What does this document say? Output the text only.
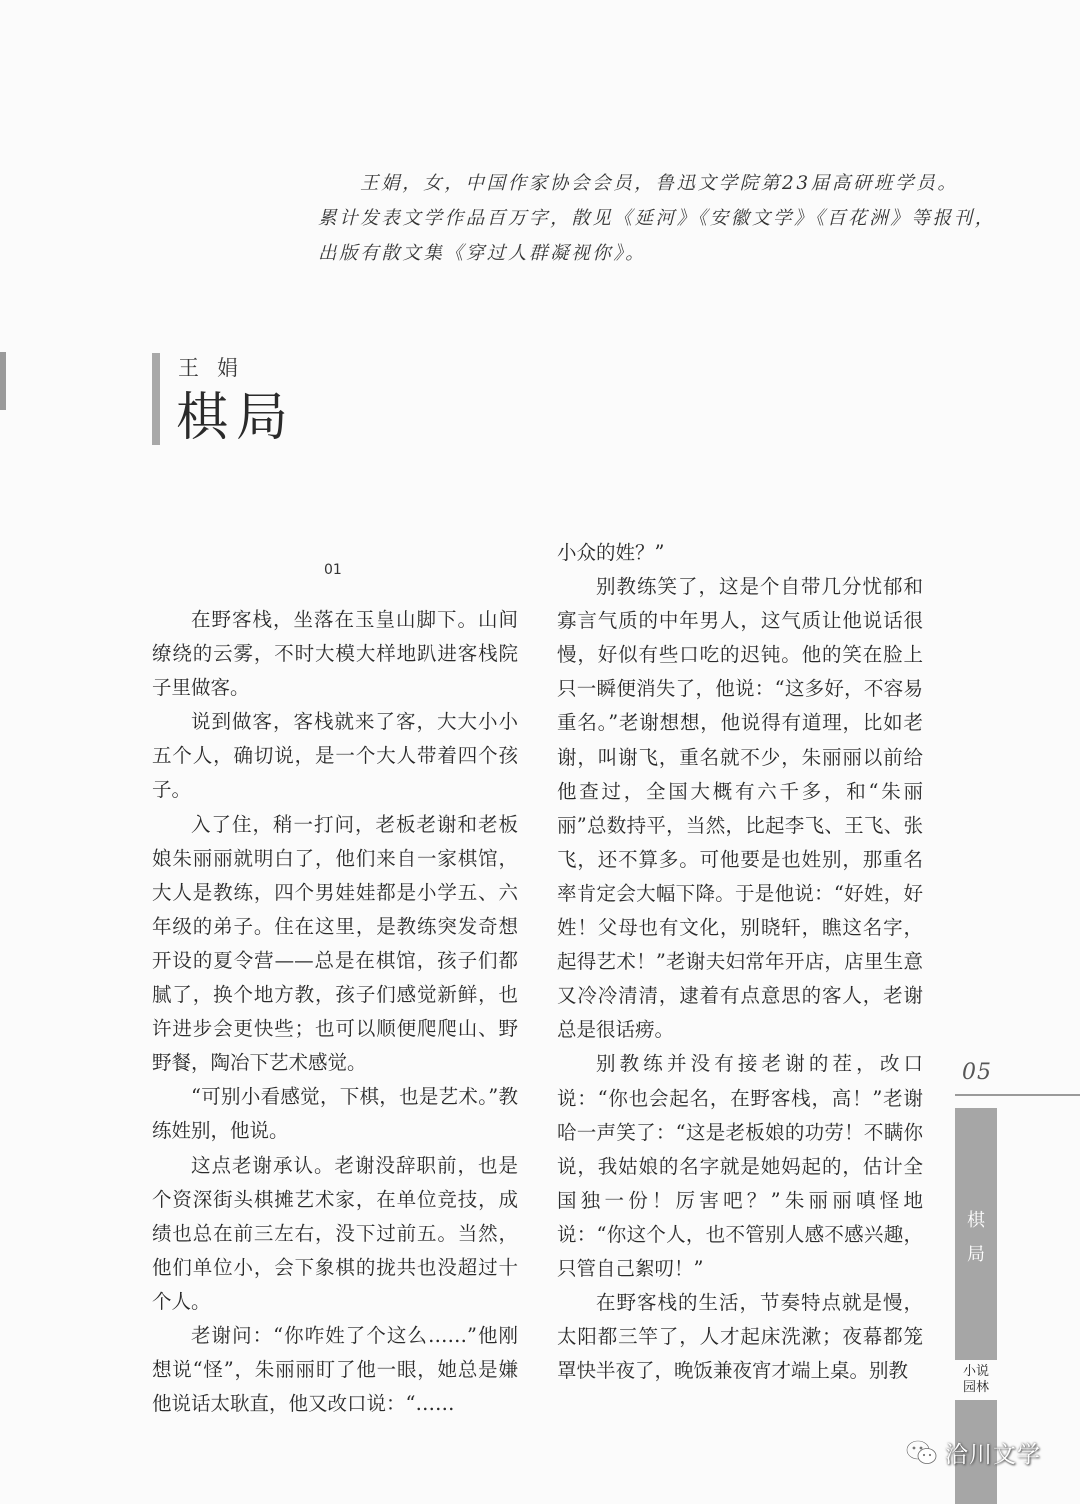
王娟，女，中国作家协会会员，鲁迅文学院第23届高研班学员。

累计发表文学作品百万字，散见《延河》《安徽文学》《百花洲》等报刊，

出版有散文集《穿过人群凝视你》。

王娟
棋局
01

在野客栈，坐落在玉皇山脚下。山间缭绕的云雾，不时大模大样地趴进客栈院子里做客。

说到做客，客栈就来了客，大大小小五个人，确切说，是一个大人带着四个孩子。

入了住，稍一打问，老板老谢和老板娘朱丽丽就明白了，他们来自一家棋馆，大人是教练，四个男娃娃都是小学五、六年级的弟子。住在这里，是教练突发奇想开设的夏令营——总是在棋馆，孩子们都腻了，换个地方教，孩子们感觉新鲜，也许进步会更快些；也可以顺便爬爬山、野野餐，陶冶下艺术感觉。

“可别小看感觉，下棋，也是艺术。”教练姓别，他说。

这点老谢承认。老谢没辞职前，也是个资深街头棋摊艺术家，在单位竞技，成绩也总在前三左右，没下过前五。当然，他们单位小，会下象棋的拢共也没超过十个人。

老谢问：“你咋姓了个这么……”他刚想说“怪”，朱丽丽盯了他一眼，她总是嫌他说话太耿直，他又改口说：“……

小众的姓？”

别教练笑了，这是个自带几分忧郁和寡言气质的中年男人，这气质让他说话很慢，好似有些口吃的迟钝。他的笑在脸上只一瞬便消失了，他说：“这多好，不容易重名。”老谢想想，他说得有道理，比如老谢，叫谢飞，重名就不少，朱丽丽以前给他查过，全国大概有六千多，和“朱丽丽”总数持平，当然，比起李飞、王飞、张飞，还不算多。可他要是也姓别，那重名率肯定会大幅下降。于是他说：“好姓，好姓！父母也有文化，别晓轩，瞧这名字，起得艺术！”老谢夫妇常年开店，店里生意又冷冷清清，逮着有点意思的客人，老谢总是很话痨。

别教练并没有接老谢的茬，改口说：“你也会起名，在野客栈，高！”老谢哈一声笑了：“这是老板娘的功劳！不瞒你说，我姑娘的名字就是她妈起的，估计全国独一份！厉害吧？”朱丽丽嗔怪地说：“你这个人，也不管别人感不感兴趣，只管自己絮叨！”

在野客栈的生活，节奏特点就是慢，太阳都三竿了，人才起床洗漱；夜幕都笼罩快半夜了，晚饭兼夜宵才端上桌。别教

05
棋
局
小说
园林
洽川文学
